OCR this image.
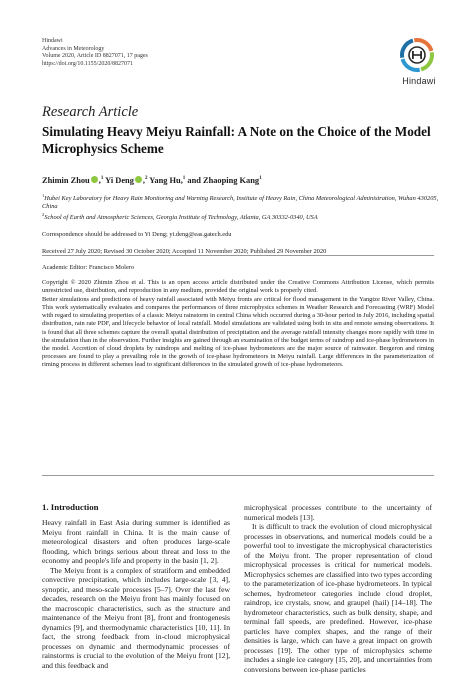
Hindawi
Advances in Meteorology
Volume 2020, Article ID 8827071, 17 pages
https://doi.org/10.1155/2020/8827071
Hindawi
Research Article
Simulating Heavy Meiyu Rainfall: A Note on the Choice of the Model Microphysics Scheme
Zhimin Zhou ,$^1$ Yi Deng ,$^2$ Yang Hu,$^1$ and Zhaoping Kang$^1$
$^1$Hubei Key Laboratory for Heavy Rain Monitoring and Warning Research, Institute of Heavy Rain, China Meteorological Administration, Wuhan 430205, China
$^2$School of Earth and Atmospheric Sciences, Georgia Institute of Technology, Atlanta, GA 30332-0340, USA
Correspondence should be addressed to Yi Deng; yi.deng@eas.gatech.edu
Received 27 July 2020; Revised 30 October 2020; Accepted 11 November 2020; Published 29 November 2020
Academic Editor: Francisco Molero
Copyright © 2020 Zhimin Zhou et al. This is an open access article distributed under the Creative Commons Attribution License, which permits unrestricted use, distribution, and reproduction in any medium, provided the original work is properly cited.
Better simulations and predictions of heavy rainfall associated with Meiyu fronts are critical for flood management in the Yangtze River Valley, China. This work systematically evaluates and compares the performances of three microphysics schemes in Weather Research and Forecasting (WRF) Model with regard to simulating properties of a classic Meiyu rainstorm in central China which occurred during a 30-hour period in July 2016, including spatial distribution, rain rate PDF, and lifecycle behavior of local rainfall. Model simulations are validated using both in situ and remote sensing observations. It is found that all three schemes capture the overall spatial distribution of precipitation and the average rainfall intensity changes more rapidly with time in the simulation than in the observation. Further insights are gained through an examination of the budget terms of raindrop and ice-phase hydrometeors in the model. Accretion of cloud droplets by raindrops and melting of ice-phase hydrometeors are the major source of rainwater. Bergeron and riming processes are found to play a prevailing role in the growth of ice-phase hydrometeors in Meiyu rainfall. Large differences in the parameterization of riming process in different schemes lead to significant differences in the simulated growth of ice-phase hydrometeors.
1. Introduction

Heavy rainfall in East Asia during summer is identified as Meiyu front rainfall in China. It is the main cause of meteorological disasters and often produces large-scale flooding, which brings serious about threat and loss to the economy and people's life and property in the basin [1, 2].

The Meiyu front is a complex of stratiform and embedded convective precipitation, which includes large-scale [3, 4], synoptic, and meso-scale processes [5–7]. Over the last few decades, research on the Meiyu front has mainly focused on the macroscopic characteristics, such as the structure and maintenance of the Meiyu front [8], front and frontogenesis dynamics [9], and thermodynamic characteristics [10, 11]. In fact, the strong feedback from in-cloud microphysical processes on dynamic and thermodynamic processes of rainstorms is crucial to the evolution of the Meiyu front [12], and this feedback and

microphysical processes contribute to the uncertainty of numerical models [13].

It is difficult to track the evolution of cloud microphysical processes in observations, and numerical models could be a powerful tool to investigate the microphysical characteristics of the Meiyu front. The proper representation of cloud microphysical processes is critical for numerical models. Microphysics schemes are classified into two types according to the parameterization of ice-phase hydrometeors. In typical schemes, hydrometeor categories include cloud droplet, raindrop, ice crystals, snow, and graupel (hail) [14–18]. The hydrometeor characteristics, such as bulk density, shape, and terminal fall speeds, are predefined. However, ice-phase particles have complex shapes, and the range of their densities is large, which can have a great impact on growth processes [19]. The other type of microphysics scheme includes a single ice category [15, 20], and uncertainties from conversions between ice-phase particles
